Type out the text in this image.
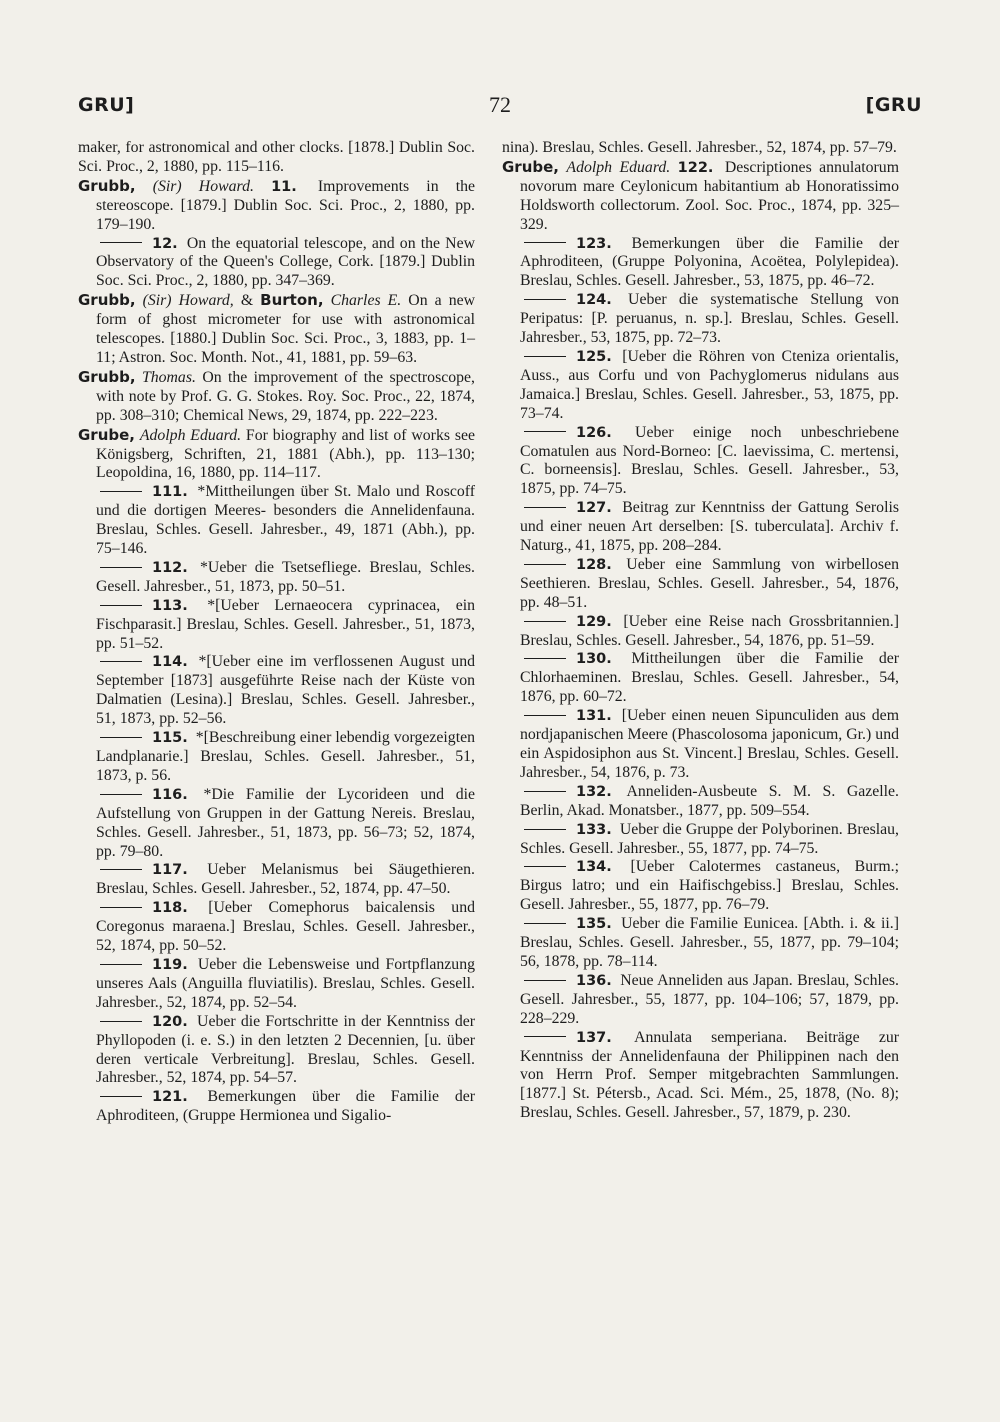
GRU]	72	[GRU

maker, for astronomical and other clocks. [1878.] Dublin Soc. Sci. Proc., 2, 1880, pp. 115–116.

Grubb, (Sir) Howard. 11. Improvements in the stereoscope. [1879.] Dublin Soc. Sci. Proc., 2, 1880, pp. 179–190.

12. On the equatorial telescope, and on the New Observatory of the Queen's College, Cork. [1879.] Dublin Soc. Sci. Proc., 2, 1880, pp. 347–369.

Grubb, (Sir) Howard, & Burton, Charles E. On a new form of ghost micrometer for use with astronomical telescopes. [1880.] Dublin Soc. Sci. Proc., 3, 1883, pp. 1–11; Astron. Soc. Month. Not., 41, 1881, pp. 59–63.

Grubb, Thomas. On the improvement of the spectroscope, with note by Prof. G. G. Stokes. Roy. Soc. Proc., 22, 1874, pp. 308–310; Chemical News, 29, 1874, pp. 222–223.

Grube, Adolph Eduard. For biography and list of works see Königsberg, Schriften, 21, 1881 (Abh.), pp. 113–130; Leopoldina, 16, 1880, pp. 114–117.

111. *Mittheilungen über St. Malo und Roscoff und die dortigen Meeres- besonders die Annelidenfauna. Breslau, Schles. Gesell. Jahresber., 49, 1871 (Abh.), pp. 75–146.

112. *Ueber die Tsetsefliege. Breslau, Schles. Gesell. Jahresber., 51, 1873, pp. 50–51.

113. *[Ueber Lernaeocera cyprinacea, ein Fischparasit.] Breslau, Schles. Gesell. Jahresber., 51, 1873, pp. 51–52.

114. *[Ueber eine im verflossenen August und September [1873] ausgeführte Reise nach der Küste von Dalmatien (Lesina).] Breslau, Schles. Gesell. Jahresber., 51, 1873, pp. 52–56.

115. *[Beschreibung einer lebendig vorgezeigten Landplanarie.] Breslau, Schles. Gesell. Jahresber., 51, 1873, p. 56.

116. *Die Familie der Lycorideen und die Aufstellung von Gruppen in der Gattung Nereis. Breslau, Schles. Gesell. Jahresber., 51, 1873, pp. 56–73; 52, 1874, pp. 79–80.

117. Ueber Melanismus bei Säugethieren. Breslau, Schles. Gesell. Jahresber., 52, 1874, pp. 47–50.

118. [Ueber Comephorus baicalensis und Coregonus maraena.] Breslau, Schles. Gesell. Jahresber., 52, 1874, pp. 50–52.

119. Ueber die Lebensweise und Fortpflanzung unseres Aals (Anguilla fluviatilis). Breslau, Schles. Gesell. Jahresber., 52, 1874, pp. 52–54.

120. Ueber die Fortschritte in der Kenntniss der Phyllopoden (i. e. S.) in den letzten 2 Decennien, [u. über deren verticale Verbreitung]. Breslau, Schles. Gesell. Jahresber., 52, 1874, pp. 54–57.

121. Bemerkungen über die Familie der Aphroditeen, (Gruppe Hermionea und Sigalio-

nina). Breslau, Schles. Gesell. Jahresber., 52, 1874, pp. 57–79.

Grube, Adolph Eduard. 122. Descriptiones annulatorum novorum mare Ceylonicum habitantium ab Honoratissimo Holdsworth collectorum. Zool. Soc. Proc., 1874, pp. 325–329.

123. Bemerkungen über die Familie der Aphroditeen, (Gruppe Polyonina, Acoëtea, Polylepidea). Breslau, Schles. Gesell. Jahresber., 53, 1875, pp. 46–72.

124. Ueber die systematische Stellung von Peripatus: [P. peruanus, n. sp.]. Breslau, Schles. Gesell. Jahresber., 53, 1875, pp. 72–73.

125. [Ueber die Röhren von Cteniza orientalis, Auss., aus Corfu und von Pachyglomerus nidulans aus Jamaica.] Breslau, Schles. Gesell. Jahresber., 53, 1875, pp. 73–74.

126. Ueber einige noch unbeschriebene Comatulen aus Nord-Borneo: [C. laevissima, C. mertensi, C. borneensis]. Breslau, Schles. Gesell. Jahresber., 53, 1875, pp. 74–75.

127. Beitrag zur Kenntniss der Gattung Serolis und einer neuen Art derselben: [S. tuberculata]. Archiv f. Naturg., 41, 1875, pp. 208–284.

128. Ueber eine Sammlung von wirbellosen Seethieren. Breslau, Schles. Gesell. Jahresber., 54, 1876, pp. 48–51.

129. [Ueber eine Reise nach Grossbritannien.] Breslau, Schles. Gesell. Jahresber., 54, 1876, pp. 51–59.

130. Mittheilungen über die Familie der Chlorhaeminen. Breslau, Schles. Gesell. Jahresber., 54, 1876, pp. 60–72.

131. [Ueber einen neuen Sipunculiden aus dem nordjapanischen Meere (Phascolosoma japonicum, Gr.) und ein Aspidosiphon aus St. Vincent.] Breslau, Schles. Gesell. Jahresber., 54, 1876, p. 73.

132. Anneliden-Ausbeute S. M. S. Gazelle. Berlin, Akad. Monatsber., 1877, pp. 509–554.

133. Ueber die Gruppe der Polyborinen. Breslau, Schles. Gesell. Jahresber., 55, 1877, pp. 74–75.

134. [Ueber Calotermes castaneus, Burm.; Birgus latro; und ein Haifischgebiss.] Breslau, Schles. Gesell. Jahresber., 55, 1877, pp. 76–79.

135. Ueber die Familie Eunicea. [Abth. i. & ii.] Breslau, Schles. Gesell. Jahresber., 55, 1877, pp. 79–104; 56, 1878, pp. 78–114.

136. Neue Anneliden aus Japan. Breslau, Schles. Gesell. Jahresber., 55, 1877, pp. 104–106; 57, 1879, pp. 228–229.

137. Annulata semperiana. Beiträge zur Kenntniss der Annelidenfauna der Philippinen nach den von Herrn Prof. Semper mitgebrachten Sammlungen. [1877.] St. Pétersb., Acad. Sci. Mém., 25, 1878, (No. 8); Breslau, Schles. Gesell. Jahresber., 57, 1879, p. 230.
